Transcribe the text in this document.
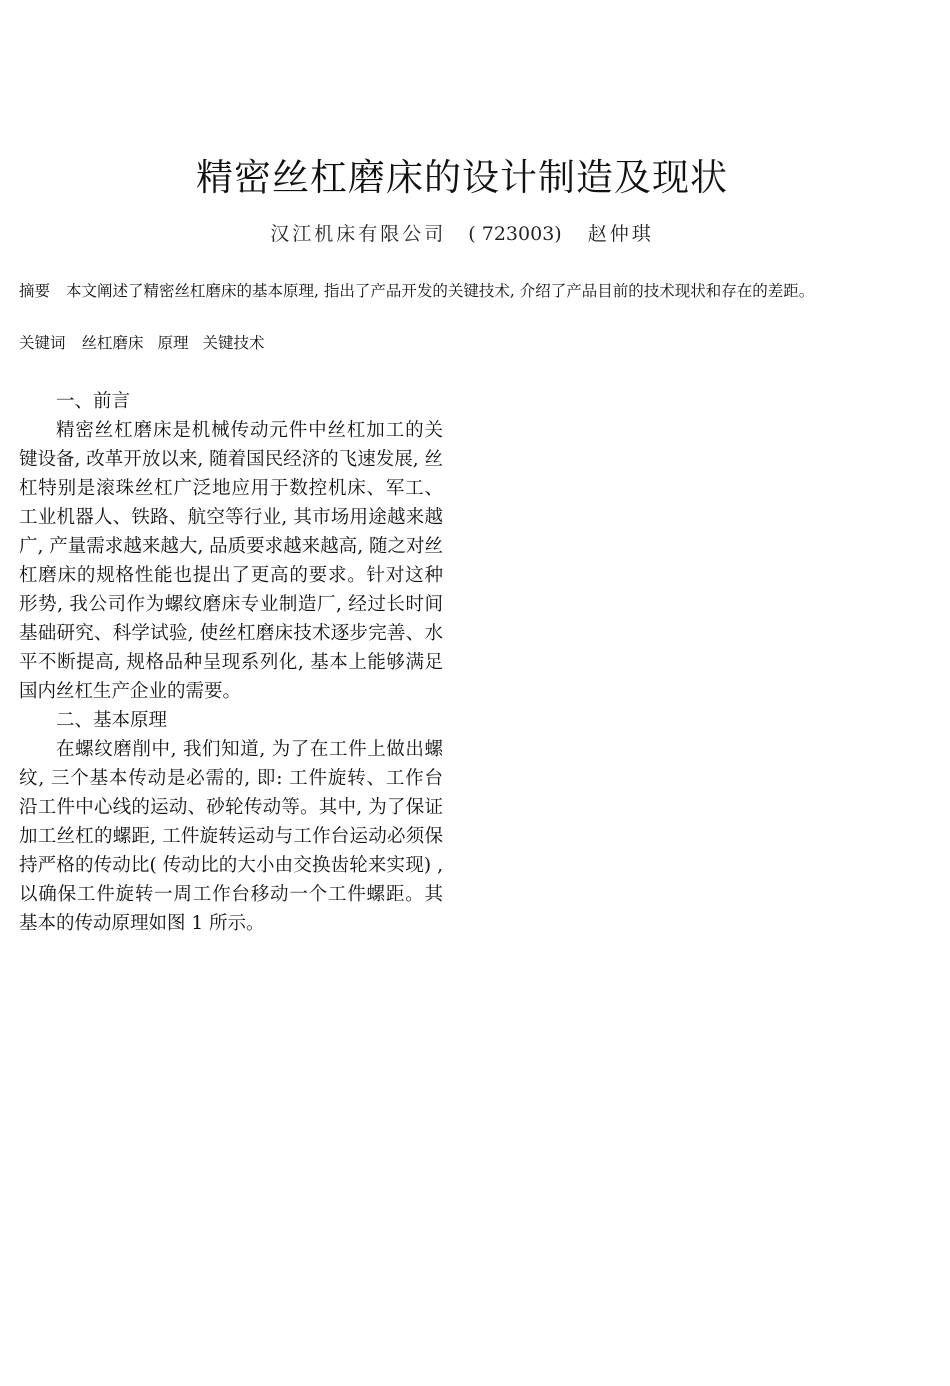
精密丝杠磨床的设计制造及现状
汉江机床有限公司 ( 723003) 赵仲琪
摘要 本文阐述了精密丝杠磨床的基本原理, 指出了产品开发的关键技术, 介绍了产品目前的技术现状和存在的差距。
关键词 丝杠磨床 原理 关键技术

一、前言

精密丝杠磨床是机械传动元件中丝杠加工的关键设备, 改革开放以来, 随着国民经济的飞速发展, 丝杠特别是滚珠丝杠广泛地应用于数控机床、军工、工业机器人、铁路、航空等行业, 其市场用途越来越广, 产量需求越来越大, 品质要求越来越高, 随之对丝杠磨床的规格性能也提出了更高的要求。针对这种形势, 我公司作为螺纹磨床专业制造厂, 经过长时间基础研究、科学试验, 使丝杠磨床技术逐步完善、水平不断提高, 规格品种呈现系列化, 基本上能够满足国内丝杠生产企业的需要。

二、基本原理

在螺纹磨削中, 我们知道, 为了在工件上做出螺纹, 三个基本传动是必需的, 即: 工件旋转、工作台沿工件中心线的运动、砂轮传动等。其中, 为了保证加工丝杠的螺距, 工件旋转运动与工作台运动必须保持严格的传动比( 传动比的大小由交换齿轮来实现) , 以确保工件旋转一周工作台移动一个工件螺距。其基本的传动原理如图 1 所示。
